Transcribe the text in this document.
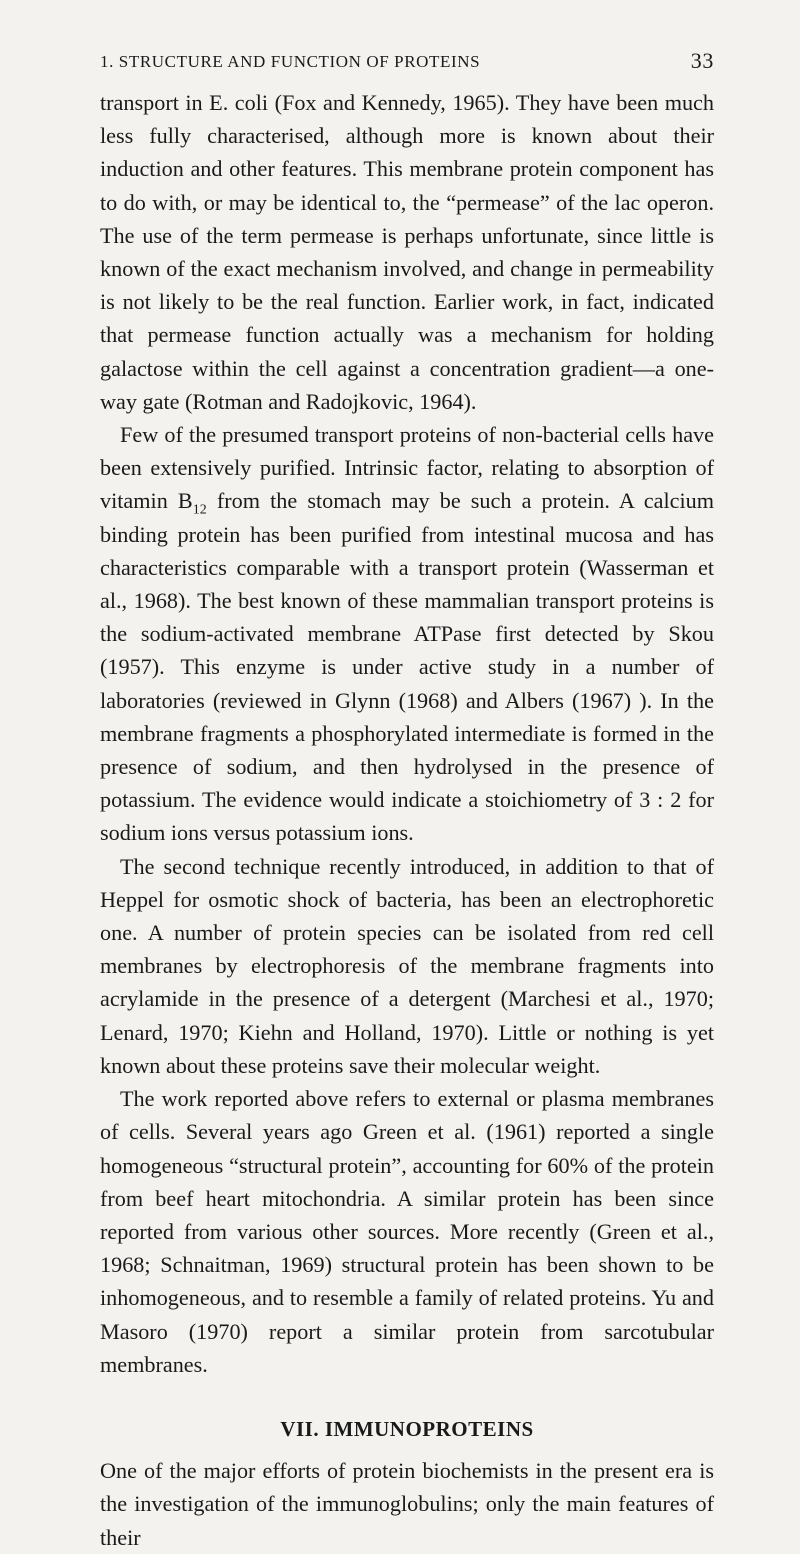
1. STRUCTURE AND FUNCTION OF PROTEINS	33

transport in E. coli (Fox and Kennedy, 1965). They have been much less fully characterised, although more is known about their induction and other features. This membrane protein component has to do with, or may be identical to, the “permease” of the lac operon. The use of the term permease is perhaps unfortunate, since little is known of the exact mechanism involved, and change in permeability is not likely to be the real function. Earlier work, in fact, indicated that permease function actually was a mechanism for holding galactose within the cell against a concentration gradient—a one-way gate (Rotman and Radojkovic, 1964).

Few of the presumed transport proteins of non-bacterial cells have been extensively purified. Intrinsic factor, relating to absorption of vitamin $B_{12}$ from the stomach may be such a protein. A calcium binding protein has been purified from intestinal mucosa and has characteristics comparable with a transport protein (Wasserman et al., 1968). The best known of these mammalian transport proteins is the sodium-activated membrane ATPase first detected by Skou (1957). This enzyme is under active study in a number of laboratories (reviewed in Glynn (1968) and Albers (1967) ). In the membrane fragments a phosphorylated intermediate is formed in the presence of sodium, and then hydrolysed in the presence of potassium. The evidence would indicate a stoichiometry of 3 : 2 for sodium ions versus potassium ions.

The second technique recently introduced, in addition to that of Heppel for osmotic shock of bacteria, has been an electrophoretic one. A number of protein species can be isolated from red cell membranes by electrophoresis of the membrane fragments into acrylamide in the presence of a detergent (Marchesi et al., 1970; Lenard, 1970; Kiehn and Holland, 1970). Little or nothing is yet known about these proteins save their molecular weight.

The work reported above refers to external or plasma membranes of cells. Several years ago Green et al. (1961) reported a single homogeneous “structural protein”, accounting for 60% of the protein from beef heart mitochondria. A similar protein has been since reported from various other sources. More recently (Green et al., 1968; Schnaitman, 1969) structural protein has been shown to be inhomogeneous, and to resemble a family of related proteins. Yu and Masoro (1970) report a similar protein from sarcotubular membranes.

VII. IMMUNOPROTEINS

One of the major efforts of protein biochemists in the present era is the investigation of the immunoglobulins; only the main features of their
